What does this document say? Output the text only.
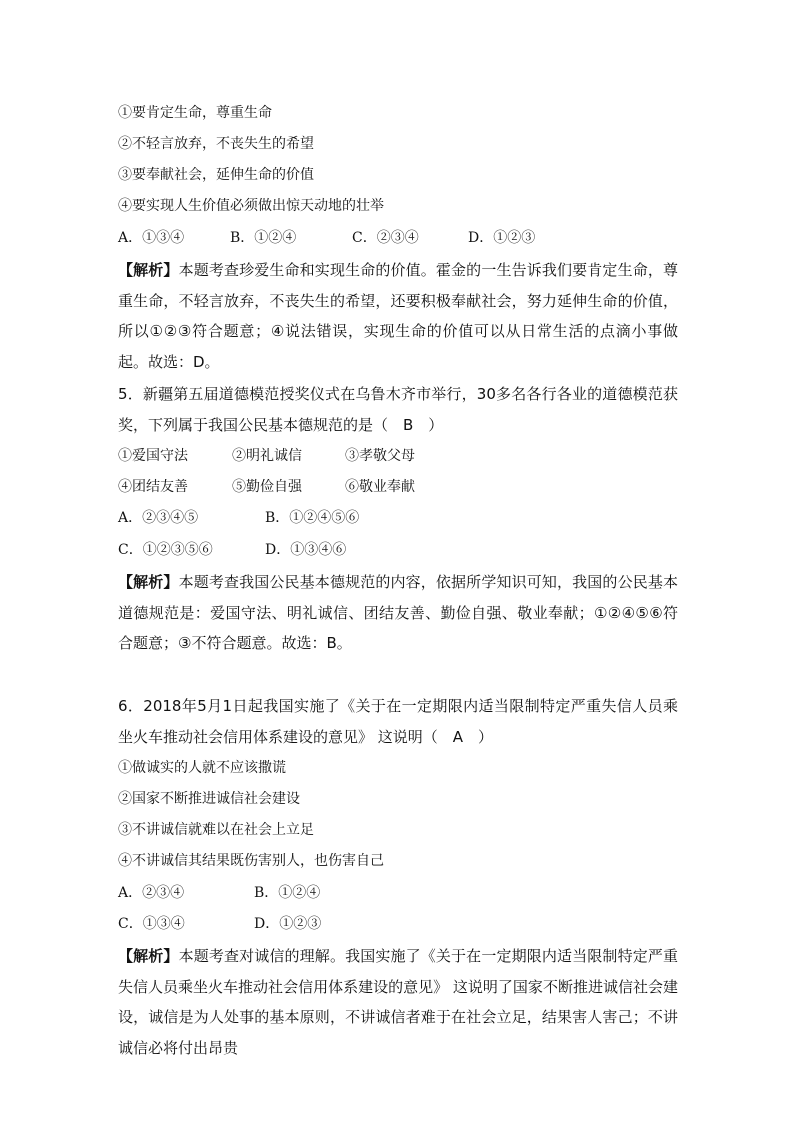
①要肯定生命，尊重生命
②不轻言放弃，不丧失生的希望
③要奉献社会，延伸生命的价值
④要实现人生价值必须做出惊天动地的壮举
A．①③④	B．①②④	C．②③④	D．①②③
【解析】本题考查珍爱生命和实现生命的价值。霍金的一生告诉我们要肯定生命，尊重生命，不轻言放弃，不丧失生的希望，还要积极奉献社会，努力延伸生命的价值，所以①②③符合题意；④说法错误，实现生命的价值可以从日常生活的点滴小事做起。故选：D。
5．新疆第五届道德模范授奖仪式在乌鲁木齐市举行，30多名各行各业的道德模范获奖，下列属于我国公民基本德规范的是（　B　）
①爱国守法	②明礼诚信	③孝敬父母
④团结友善	⑤勤俭自强	⑥敬业奉献
A．②③④⑤	B．①②④⑤⑥
C．①②③⑤⑥	D．①③④⑥
【解析】本题考查我国公民基本德规范的内容，依据所学知识可知，我国的公民基本道德规范是：爱国守法、明礼诚信、团结友善、勤俭自强、敬业奉献；①②④⑤⑥符合题意；③不符合题意。故选：B。
6．2018年5月1日起我国实施了《关于在一定期限内适当限制特定严重失信人员乘坐火车推动社会信用体系建设的意见》 这说明（　A　）
①做诚实的人就不应该撒谎
②国家不断推进诚信社会建设
③不讲诚信就难以在社会上立足
④不讲诚信其结果既伤害别人，也伤害自己
A．②③④	B．①②④
C．①③④	D．①②③
【解析】本题考查对诚信的理解。我国实施了《关于在一定期限内适当限制特定严重失信人员乘坐火车推动社会信用体系建设的意见》 这说明了国家不断推进诚信社会建设，诚信是为人处事的基本原则，不讲诚信者难于在社会立足，结果害人害己；不讲诚信必将付出昂贵
